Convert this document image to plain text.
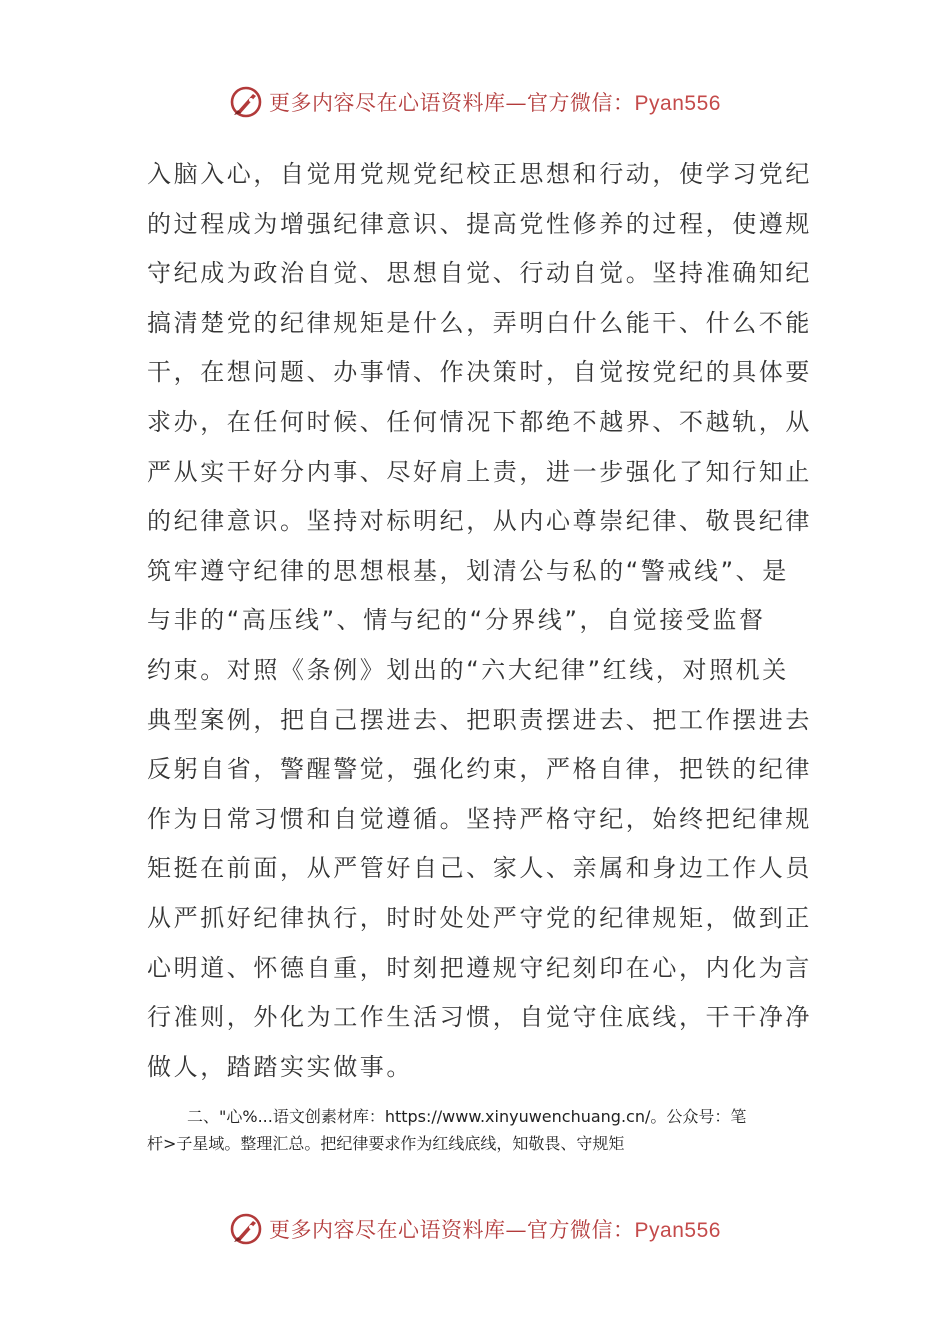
更多内容尽在心语资料库—官方微信：Pyan556
入脑入心，自觉用党规党纪校正思想和行动，使学习党纪
的过程成为增强纪律意识、提高党性修养的过程，使遵规
守纪成为政治自觉、思想自觉、行动自觉。坚持准确知纪
搞清楚党的纪律规矩是什么，弄明白什么能干、什么不能
干，在想问题、办事情、作决策时，自觉按党纪的具体要
求办，在任何时候、任何情况下都绝不越界、不越轨，从
严从实干好分内事、尽好肩上责，进一步强化了知行知止
的纪律意识。坚持对标明纪，从内心尊崇纪律、敬畏纪律
筑牢遵守纪律的思想根基，划清公与私的“警戒线”、是
与非的“高压线”、情与纪的“分界线”，自觉接受监督
约束。对照《条例》划出的“六大纪律”红线，对照机关
典型案例，把自己摆进去、把职责摆进去、把工作摆进去
反躬自省，警醒警觉，强化约束，严格自律，把铁的纪律
作为日常习惯和自觉遵循。坚持严格守纪，始终把纪律规
矩挺在前面，从严管好自己、家人、亲属和身边工作人员
从严抓好纪律执行，时时处处严守党的纪律规矩，做到正
心明道、怀德自重，时刻把遵规守纪刻印在心，内化为言
行准则，外化为工作生活习惯，自觉守住底线，干干净净
做人，踏踏实实做事。
二、"心%...语文创素材库：https://www.xinyuwenchuang.cn/。公众号：笔
杆>子星域。整理汇总。把纪律要求作为红线底线，知敬畏、守规矩
更多内容尽在心语资料库—官方微信：Pyan556
